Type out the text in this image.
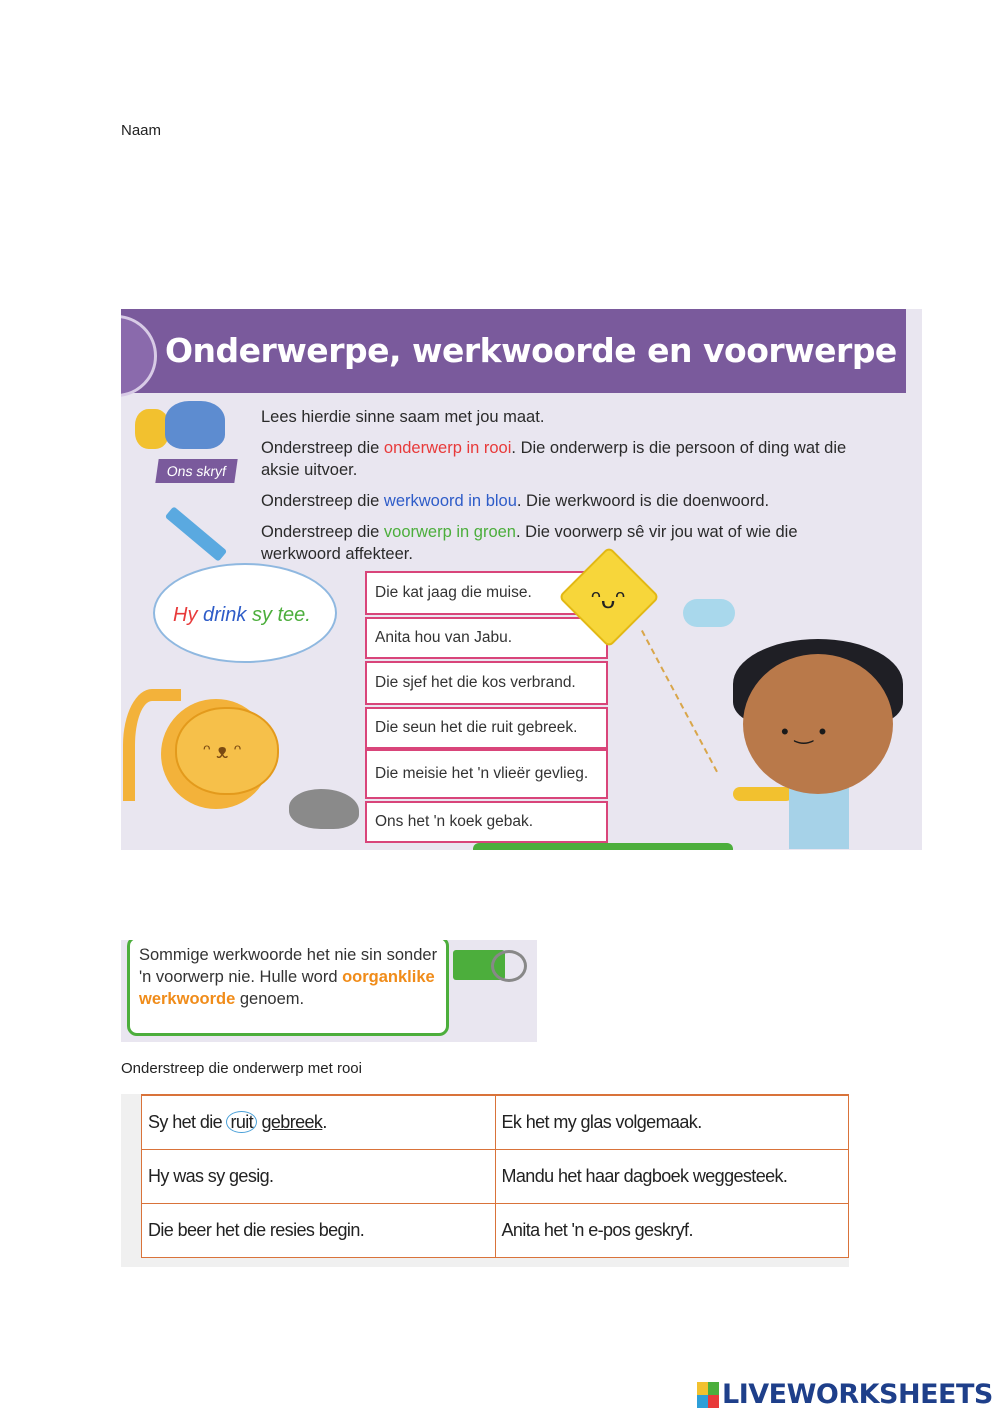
Naam
Onderwerpe, werkwoorde en voorwerpe
Ons skryf
Lees hierdie sinne saam met jou maat.
Onderstreep die onderwerp in rooi. Die onderwerp is die persoon of ding wat die aksie uitvoer.
Onderstreep die werkwoord in blou. Die werkwoord is die doenwoord.
Onderstreep die voorwerp in groen. Die voorwerp sê vir jou wat of wie die werkwoord affekteer.
Hy drink sy tee.
Die kat jaag die muise.
Anita hou van Jabu.
Die sjef het die kos verbrand.
Die seun het die ruit gebreek.
Die meisie het 'n vlieër gevlieg.
Ons het 'n koek gebak.
ᵔᴗᵔ
ᵔ ᴥ ᵔ
• ‿ •
Sommige werkwoorde het nie sin sonder 'n voorwerp nie. Hulle word oorganklike werkwoorde genoem.
Onderstreep die onderwerp met rooi
Sy het die ruit gebreek.	Ek het my glas volgemaak.
Hy was sy gesig.	Mandu het haar dagboek weggesteek.
Die beer het die resies begin.	Anita het 'n e-pos geskryf.
LIVEWORKSHEETS
